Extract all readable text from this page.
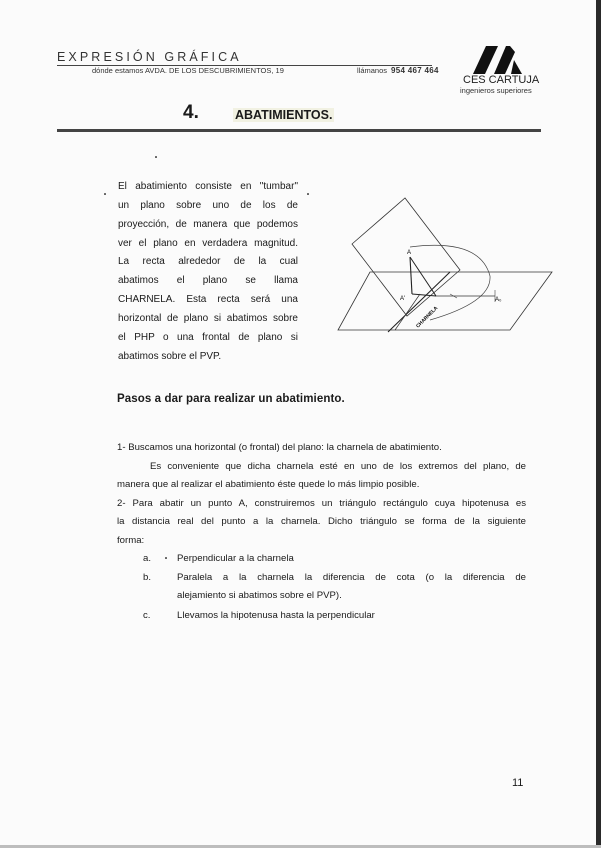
EXPRESIÓN GRÁFICA
dónde estamos AVDA. DE LOS DESCUBRIMIENTOS, 19	llámanos 954 467 464
CES CARTUJA
ingenieros superiores
4.	ABATIMIENTOS.

El abatimiento consiste en "tumbar"

un plano sobre uno de los de

proyección, de manera que podemos

ver el plano en verdadera magnitud.

La recta alrededor de la cual

abatimos el plano se llama

CHARNELA. Esta recta será una

horizontal de plano si abatimos sobre

el PHP o una frontal de plano si

abatimos sobre el PVP.

A
A'	A₀
CHARNELA
Pasos a dar para realizar un abatimiento.

1- Buscamos una horizontal (o frontal) del plano: la charnela de abatimiento.

Es conveniente que dicha charnela esté en uno de los extremos del plano, de

manera que al realizar el abatimiento éste quede lo más limpio posible.

2- Para abatir un punto A, construiremos un triángulo rectángulo cuya hipotenusa es

la distancia real del punto a la charnela. Dicho triángulo se forma de la siguiente

forma:

a.	Perpendicular a la charnela

b.	Paralela a la charnela la diferencia de cota (o la diferencia de

alejamiento si abatimos sobre el PVP).

c.	Llevamos la hipotenusa hasta la perpendicular

11
